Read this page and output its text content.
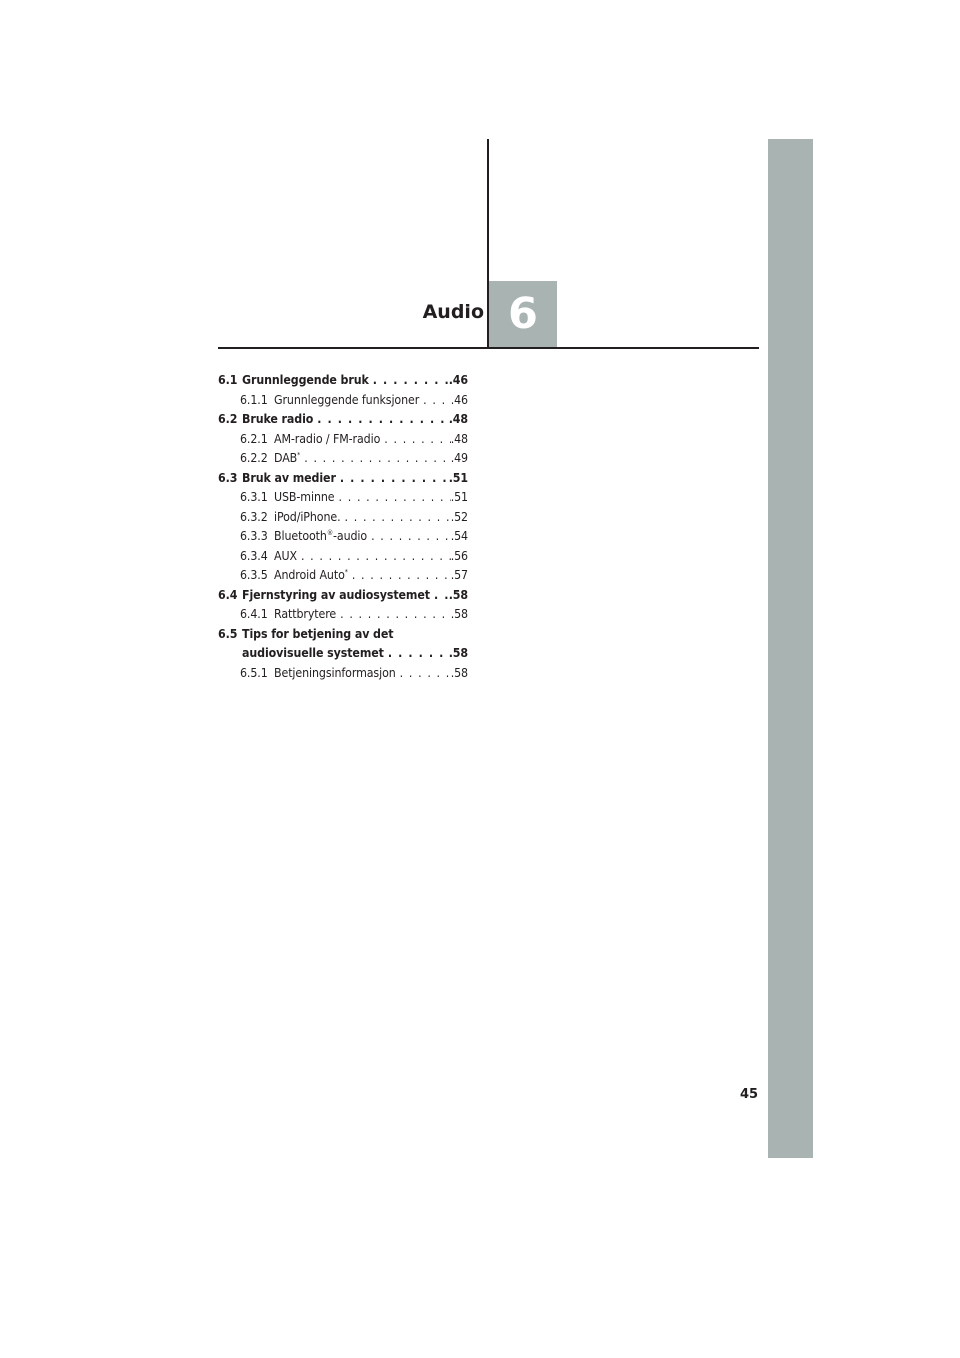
Audio 6
6.1 Grunnleggende bruk . . .	.46
6.1.1 Grunnleggende funksjoner . . .	.46
6.2 Bruke radio . . .	.48
6.2.1 AM-radio / FM-radio . . .	.48
6.2.2 DAB* . . .	.49
6.3 Bruk av medier . . .	.51
6.3.1 USB-minne . . .	.51
6.3.2 iPod/iPhone. . . .	.52
6.3.3 Bluetooth®-audio . . .	.54
6.3.4 AUX . . .	.56
6.3.5 Android Auto* . . .	.57
6.4 Fjernstyring av audiosystemet . . . .58
6.4.1 Rattbrytere . . .	.58
6.5 Tips for betjening av det
audiovisuelle systemet . . .	.58
6.5.1 Betjeningsinformasjon . . .	.58
45
